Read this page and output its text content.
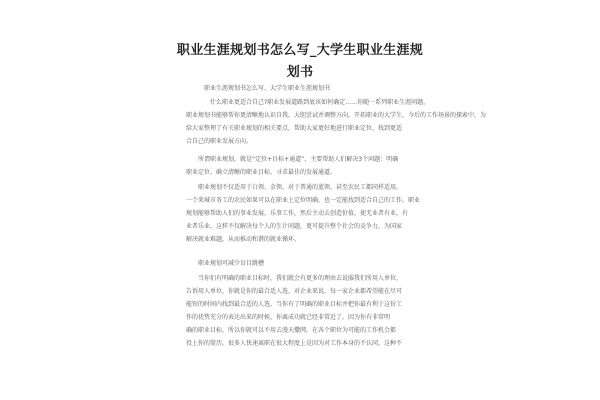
职业生涯规划书怎么写_大学生职业生涯规
划书

职业生涯规划书怎么写、大学生职业生涯规划书

什么职业更适合自己?职业发展道路到底该如何确定……你随一系列职业生涯问题，
职业规划书能够帮你更清晰地认识自我，大胆尝试并调整方向，开拓职业的大学生，今后的工作场景的探索中，为
给大家整理了有关职业规划的相关要点，帮助大家更好地进行职业定位，找到更适
合自己的职业发展方向。

所谓职业规划，就是“定位+目标+通道”，主要帮助人们解决3个问题：明确
职业定位、确立清晰的职业目标、寻求最佳的发展通道。

职业规划不仅适用于白领、金领，对于普通的蓝领，甚至农民工都同样适用。
一个来城市务工的农民如果可以在职业上定位明确，也一定能找到适合自己的工作。职业
规划能够帮助人们的事业发展，乐事工作，然后主动去创造价值，使无业者有业，有
业者乐业。这样不仅解决每个人的生计问题，更可提升整个社会的竞争力，为国家
解决就业难题，从而推动和谐的就业循环。

职业规划可减少盲目跳槽

当你们有明确的职业目标时，我们就会有更多的理由去说服我们所用人单位，
告诉用人单位，你就是你的最合适人选，对企业来说，每一家企业都希望能在尽可
能短的时间内找到最合适的人选，当你有了明确的职业目标并把你最有利于这份工
作的优势充分的表达出来的时候，你离成功就已经非常近了。因为你有非常明
确的职业目标，所以你就可以不用去漫天撒网，在各个职位为可能的工作机会都
投上你的简历。很多人快速离职在很大程度上是因为对工作本身的不认同，这种不
